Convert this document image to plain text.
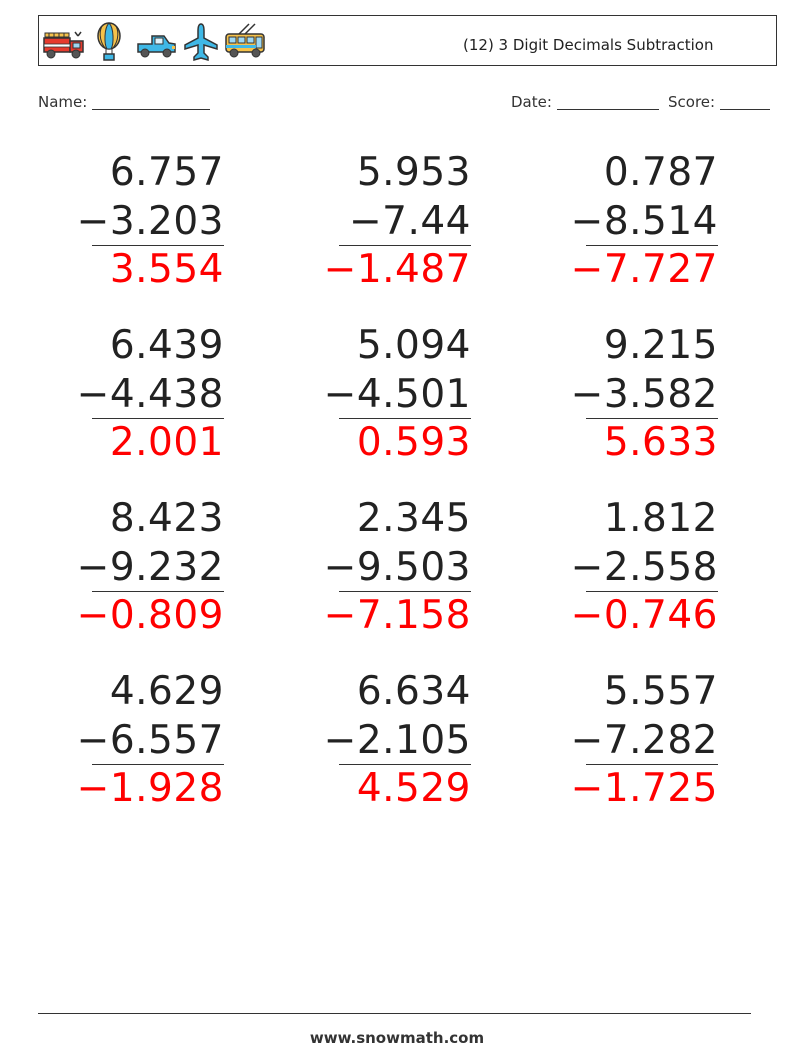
(12) 3 Digit Decimals Subtraction
Name:	Date:	Score:
6.757
−3.203
3.554
5.953
−7.44
−1.487
0.787
−8.514
−7.727
6.439
−4.438
2.001
5.094
−4.501
0.593
9.215
−3.582
5.633
8.423
−9.232
−0.809
2.345
−9.503
−7.158
1.812
−2.558
−0.746
4.629
−6.557
−1.928
6.634
−2.105
4.529
5.557
−7.282
−1.725
www.snowmath.com
